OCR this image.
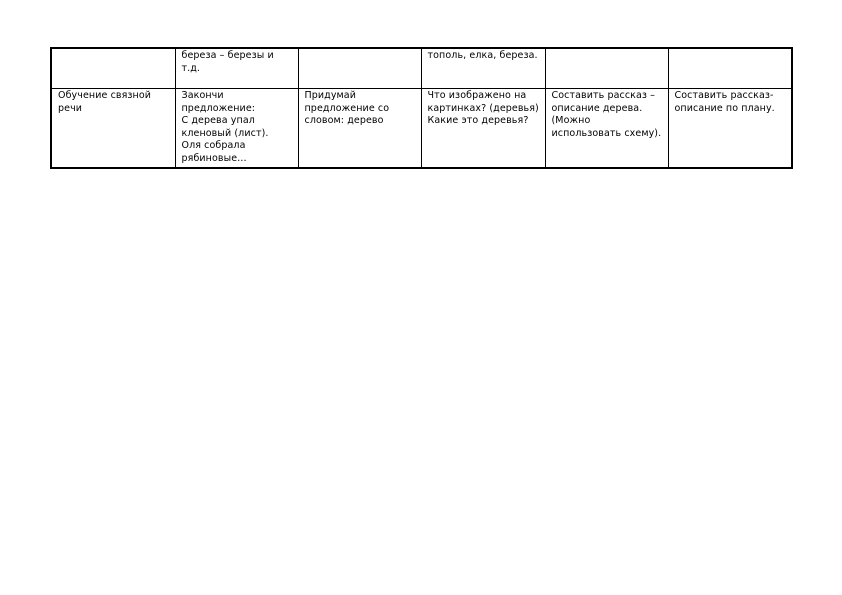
	береза – березы и т.д.		тополь, елка, береза.		
Обучение связной речи	Закончи предложение:
С дерева упал кленовый (лист).
Оля собрала рябиновые…	Придумай предложение со словом: дерево	Что изображено на картинках? (деревья)
Какие это деревья?	Составить рассказ – описание дерева. (Можно использовать схему).	Составить рассказ-описание по плану.
